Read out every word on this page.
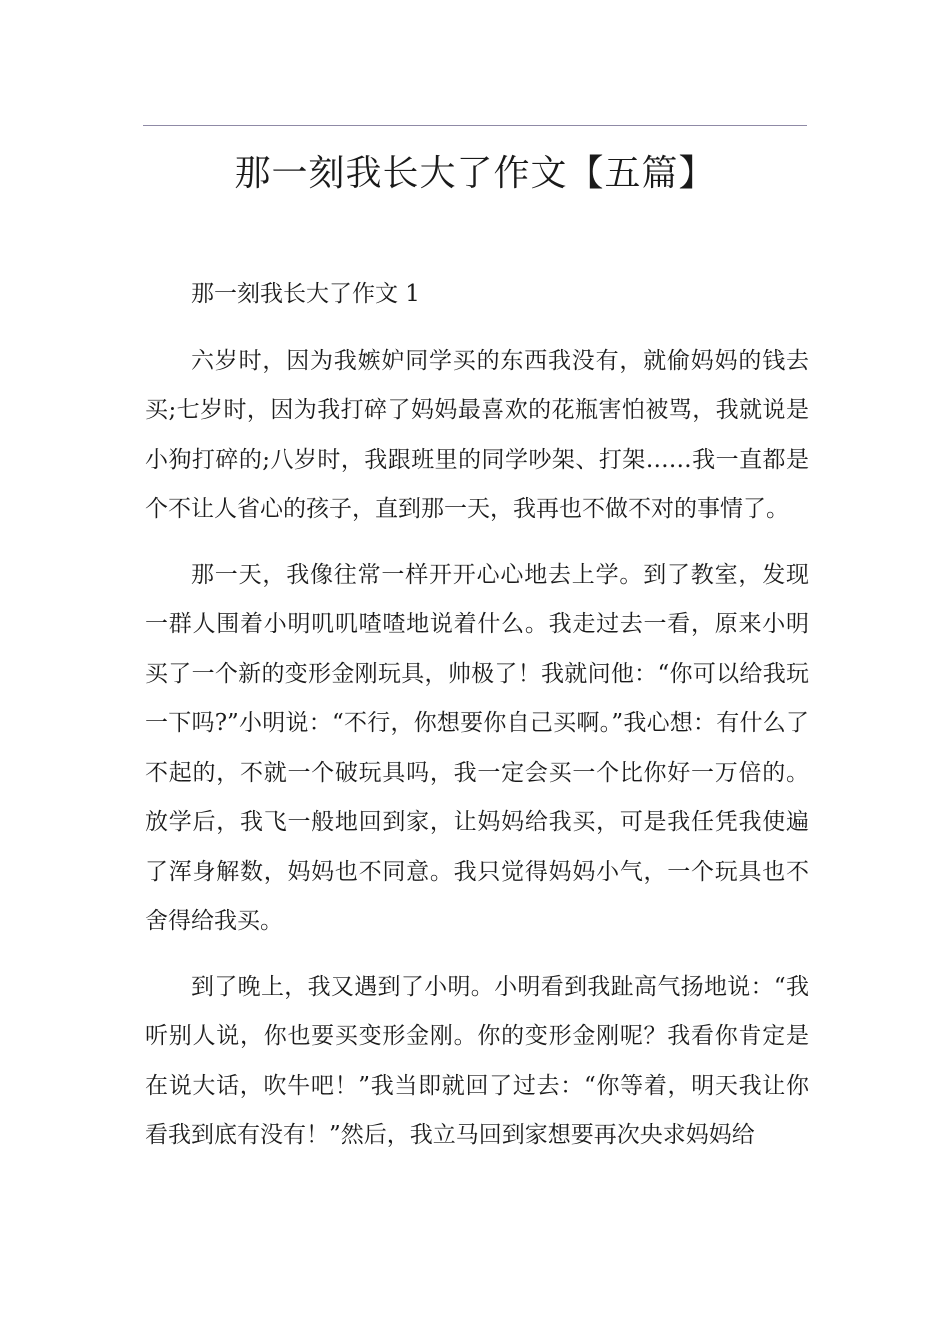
那一刻我长大了作文【五篇】

那一刻我长大了作文 1

六岁时，因为我嫉妒同学买的东西我没有，就偷妈妈的钱去买;七岁时，因为我打碎了妈妈最喜欢的花瓶害怕被骂，我就说是小狗打碎的;八岁时，我跟班里的同学吵架、打架……我一直都是个不让人省心的孩子，直到那一天，我再也不做不对的事情了。

那一天，我像往常一样开开心心地去上学。到了教室，发现一群人围着小明叽叽喳喳地说着什么。我走过去一看，原来小明买了一个新的变形金刚玩具，帅极了！我就问他：“你可以给我玩一下吗?”小明说：“不行，你想要你自己买啊。”我心想：有什么了不起的，不就一个破玩具吗，我一定会买一个比你好一万倍的。放学后，我飞一般地回到家，让妈妈给我买，可是我任凭我使遍了浑身解数，妈妈也不同意。我只觉得妈妈小气，一个玩具也不舍得给我买。

到了晚上，我又遇到了小明。小明看到我趾高气扬地说：“我听别人说，你也要买变形金刚。你的变形金刚呢？我看你肯定是在说大话，吹牛吧！”我当即就回了过去：“你等着，明天我让你看我到底有没有！”然后，我立马回到家想要再次央求妈妈给
